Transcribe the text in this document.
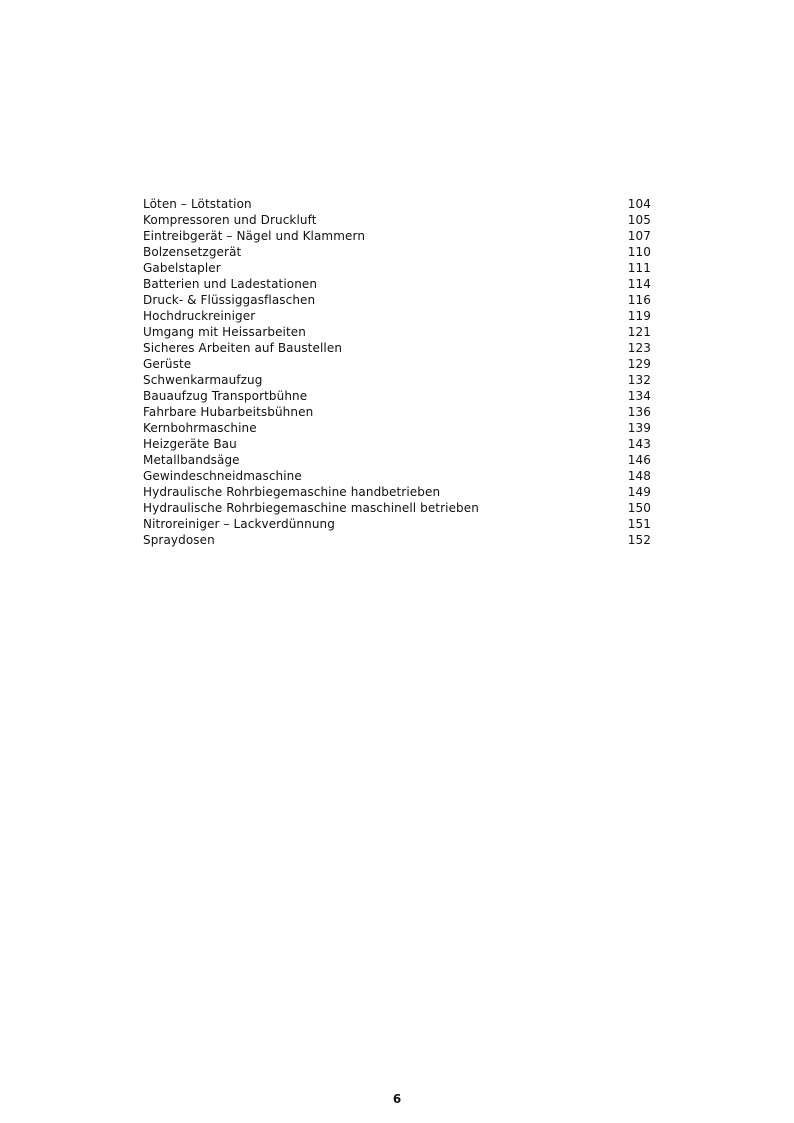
Löten – Lötstation	104
Kompressoren und Druckluft	105
Eintreibgerät – Nägel und Klammern	107
Bolzensetzgerät	110
Gabelstapler	111
Batterien und Ladestationen	114
Druck- & Flüssiggasflaschen	116
Hochdruckreiniger	119
Umgang mit Heissarbeiten	121
Sicheres Arbeiten auf Baustellen	123
Gerüste	129
Schwenkarmaufzug	132
Bauaufzug Transportbühne	134
Fahrbare Hubarbeitsbühnen	136
Kernbohrmaschine	139
Heizgeräte Bau	143
Metallbandsäge	146
Gewindeschneidmaschine	148
Hydraulische Rohrbiegemaschine handbetrieben	149
Hydraulische Rohrbiegemaschine maschinell betrieben	150
Nitroreiniger – Lackverdünnung	151
Spraydosen	152
6
